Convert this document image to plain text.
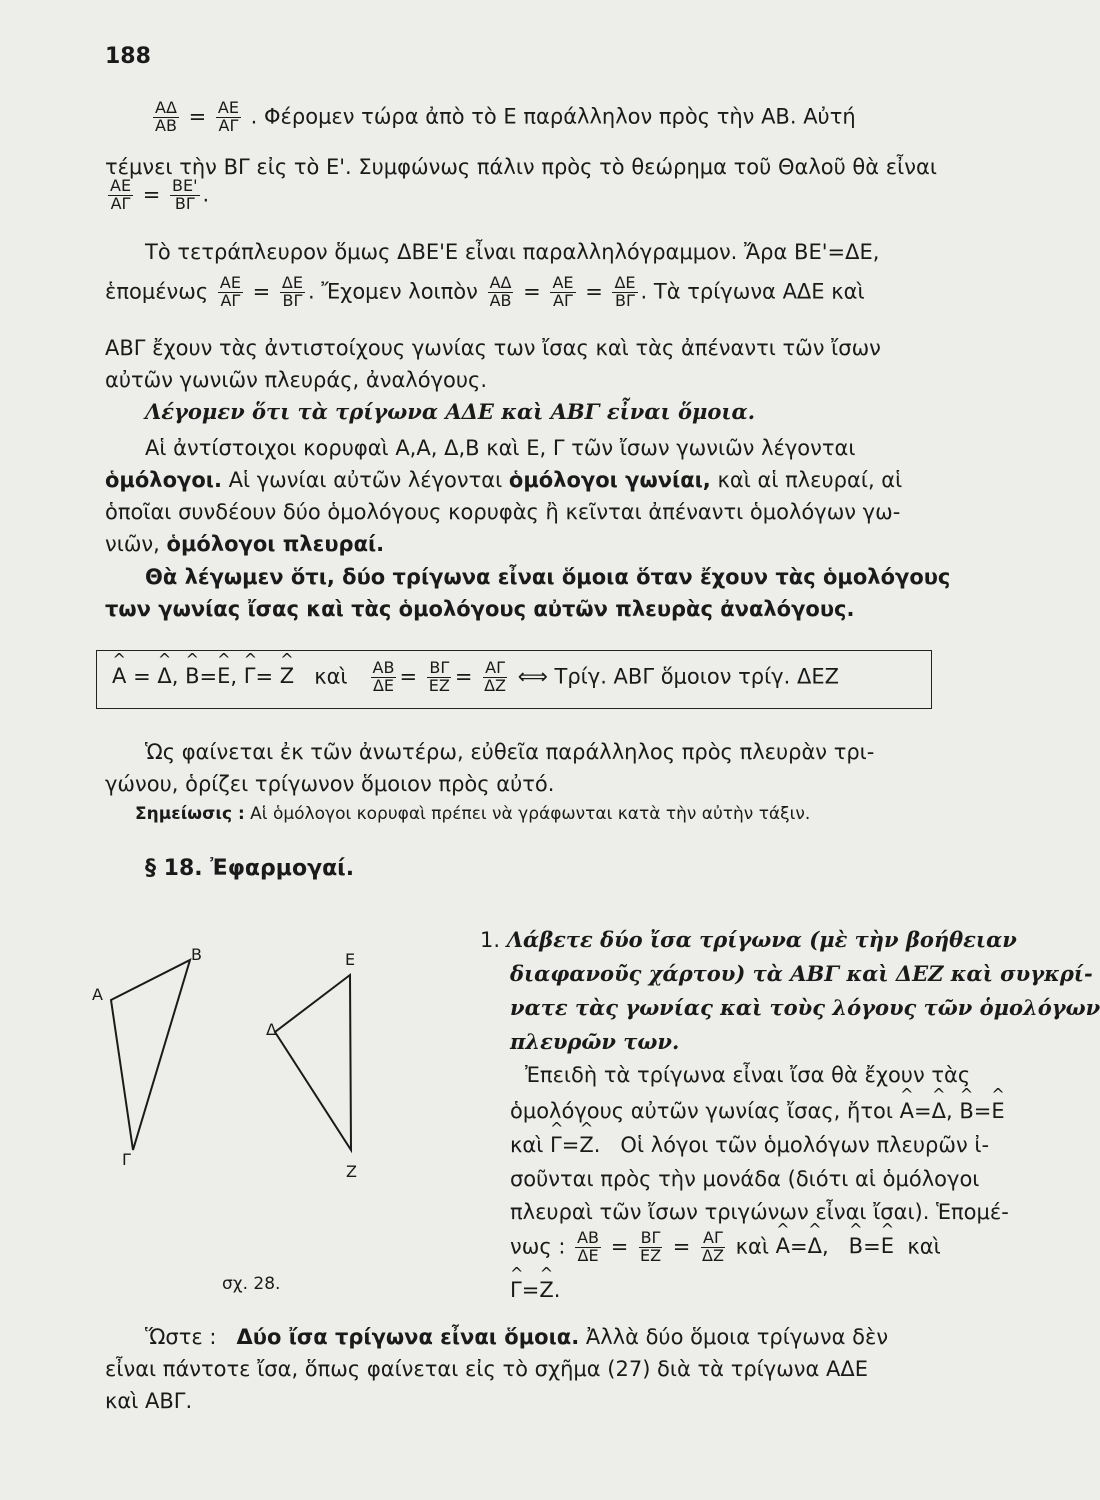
188
$\frac{A\Delta}{AB} = \frac{AE}{A\Gamma}$ . Φέρομεν τώρα ἀπὸ τὸ Ε παράλληλον πρὸς τὴν ΑΒ. Αὐτή
τέμνει τὴν ΒΓ εἰς τὸ Ε'. Συμφώνως πάλιν πρὸς τὸ θεώρημα τοῦ Θαλοῦ θὰ εἶναι
$\frac{AE}{A\Gamma} = \frac{BE'}{B\Gamma}$ .
Τὸ τετράπλευρον ὅμως ΔΒΕ'Ε εἶναι παραλληλόγραμμον. Ἄρα ΒΕ'=ΔΕ,
ἑπομένως $\frac{AE}{A\Gamma} = \frac{\Delta E}{B\Gamma}$ . Ἔχομεν λοιπὸν $\frac{A\Delta}{AB} = \frac{AE}{A\Gamma} = \frac{\Delta E}{B\Gamma}$ . Τὰ τρίγωνα ΑΔΕ καὶ
ΑΒΓ ἔχουν τὰς ἀντιστοίχους γωνίας των ἴσας καὶ τὰς ἀπέναντι τῶν ἴσων
αὐτῶν γωνιῶν πλευράς, ἀναλόγους.
Λέγομεν ὅτι τὰ τρίγωνα ΑΔΕ καὶ ΑΒΓ εἶναι ὅμοια.
Αἱ ἀντίστοιχοι κορυφαὶ Α,Α, Δ,Β καὶ Ε, Γ τῶν ἴσων γωνιῶν λέγονται
ὁμόλογοι. Αἱ γωνίαι αὐτῶν λέγονται ὁμόλογοι γωνίαι, καὶ αἱ πλευραί, αἱ
ὁποῖαι συνδέουν δύο ὁμολόγους κορυφὰς ἢ κεῖνται ἀπέναντι ὁμολόγων γω-
νιῶν, ὁμόλογοι πλευραί.
Θὰ λέγωμεν ὅτι, δύο τρίγωνα εἶναι ὅμοια ὅταν ἔχουν τὰς ὁμολόγους
των γωνίας ἴσας καὶ τὰς ὁμολόγους αὐτῶν πλευρὰς ἀναλόγους.
^ Α = ^ Δ, ^ Β=^ Ε, ^ Γ= ^ Ζ καὶ $\frac{AB}{\Delta E} = \frac{B\Gamma}{EZ} = \frac{A\Gamma}{\Delta Z}$ ⟺ Τρίγ. ΑΒΓ ὅμοιον τρίγ. ΔΕΖ
Ὡς φαίνεται ἐκ τῶν ἀνωτέρω, εὐθεῖα παράλληλος πρὸς πλευρὰν τρι-
γώνου, ὁρίζει τρίγωνον ὅμοιον πρὸς αὐτό.
Σημείωσις : Αἱ ὁμόλογοι κορυφαὶ πρέπει νὰ γράφωνται κατὰ τὴν αὐτὴν τάξιν.
§ 18. Ἐφαρμογαί.
1. Λάβετε δύο ἴσα τρίγωνα (μὲ τὴν βοήθειαν
διαφανοῦς χάρτου) τὰ ΑΒΓ καὶ ΔΕΖ καὶ συγκρί-
νατε τὰς γωνίας καὶ τοὺς λόγους τῶν ὁμολόγων
πλευρῶν των.
Ἐπειδὴ τὰ τρίγωνα εἶναι ἴσα θὰ ἔχουν τὰς
ὁμολόγους αὐτῶν γωνίας ἴσας, ἤτοι ^ Α=^ Δ, ^ Β=^ Ε
καὶ ^ Γ=^ Ζ.   Οἱ λόγοι τῶν ὁμολόγων πλευρῶν ἰ-
σοῦνται πρὸς τὴν μονάδα (διότι αἱ ὁμόλογοι
πλευραὶ τῶν ἴσων τριγώνων εἶναι ἴσαι). Ἑπομέ-
νως : $\frac{AB}{\Delta E} = \frac{B\Gamma}{EZ} = \frac{A\Gamma}{\Delta Z}$ καὶ ^ Α=^ Δ,   ^ Β=^ Ε καὶ
^ Γ=^ Ζ.
Α
Β
Γ
Δ
Ε
Ζ
σχ. 28.
Ὥστε : Δύο ἴσα τρίγωνα εἶναι ὅμοια. Ἀλλὰ δύο ὅμοια τρίγωνα δὲν
εἶναι πάντοτε ἴσα, ὅπως φαίνεται εἰς τὸ σχῆμα (27) διὰ τὰ τρίγωνα ΑΔΕ
καὶ ΑΒΓ.
